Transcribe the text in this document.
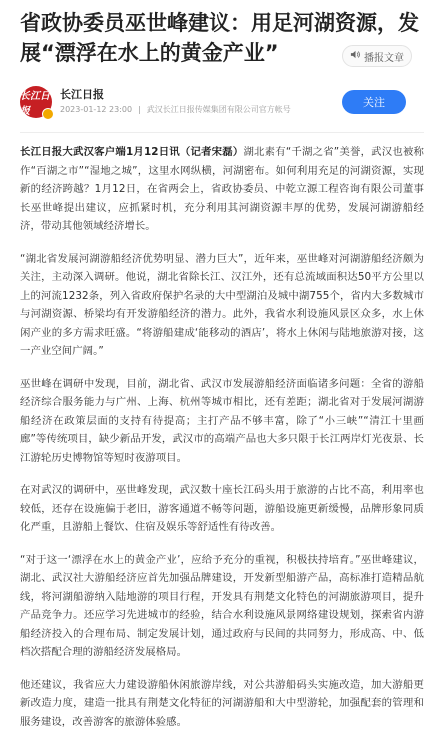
省政协委员巫世峰建议：用足河湖资源，发展“漂浮在水上的黄金产业”	播报文章
长江日报
长江日报
2023-01-12 23:00 | 武汉长江日报传媒集团有限公司官方帐号
关注

长江日报大武汉客户端1月12日讯（记者宋磊）湖北素有“千湖之省”美誉，武汉也被称作“百湖之市”“湿地之城”，这里水网纵横，河湖密布。如何利用充足的河湖资源，实现新的经济跨越？1月12日，在省两会上，省政协委员、中乾立源工程咨询有限公司董事长巫世峰提出建议，应抓紧时机，充分利用其河湖资源丰厚的优势，发展河湖游船经济，带动其他领域经济增长。

“湖北省发展河湖游船经济优势明显、潜力巨大”，近年来，巫世峰对河湖游船经济颇为关注，主动深入调研。他说，湖北省除长江、汉江外，还有总流域面积达50平方公里以上的河流1232条，列入省政府保护名录的大中型湖泊及城中湖755个，省内大多数城市与河湖资源、桥梁均有开发游船经济的潜力。此外，我省水利设施风景区众多，水上休闲产业的多方需求旺盛。“将游船建成‘能移动的酒店’，将水上休闲与陆地旅游对接，这一产业空间广阔。”

巫世峰在调研中发现，目前，湖北省、武汉市发展游船经济面临诸多问题：全省的游船经济综合服务能力与广州、上海、杭州等城市相比，还有差距；湖北省对于发展河湖游船经济在政策层面的支持有待提高；主打产品不够丰富，除了“小三峡”“清江十里画廊”等传统项目，缺少新品开发，武汉市的高端产品也大多只限于长江两岸灯光夜景、长江游轮历史博物馆等短时夜游项目。

在对武汉的调研中，巫世峰发现，武汉数十座长江码头用于旅游的占比不高，利用率也较低，还存在设施偏于老旧，游客通道不畅等问题，游船设施更新缓慢，品牌形象同质化严重，且游船上餐饮、住宿及娱乐等舒适性有待改善。

“对于这一‘漂浮在水上的黄金产业’，应给予充分的重视，积极扶持培育。”巫世峰建议，湖北、武汉社大游船经济应首先加强品牌建设，开发新型船游产品，高标准打造精品航线，将河湖船游纳入陆地游的项目行程，开发具有荆楚文化特色的河湖旅游项目，提升产品竞争力。还应学习先进城市的经验，结合水利设施风景网络建设规划，探索省内游船经济投入的合理布局、制定发展计划，通过政府与民间的共同努力，形成高、中、低档次搭配合理的游船经济发展格局。

他还建议，我省应大力建设游船休闲旅游岸线，对公共游船码头实施改造，加大游船更新改造力度，建造一批具有荆楚文化特征的河湖游船和大中型游轮，加强配套的管理和服务建设，改善游客的旅游体验感。
